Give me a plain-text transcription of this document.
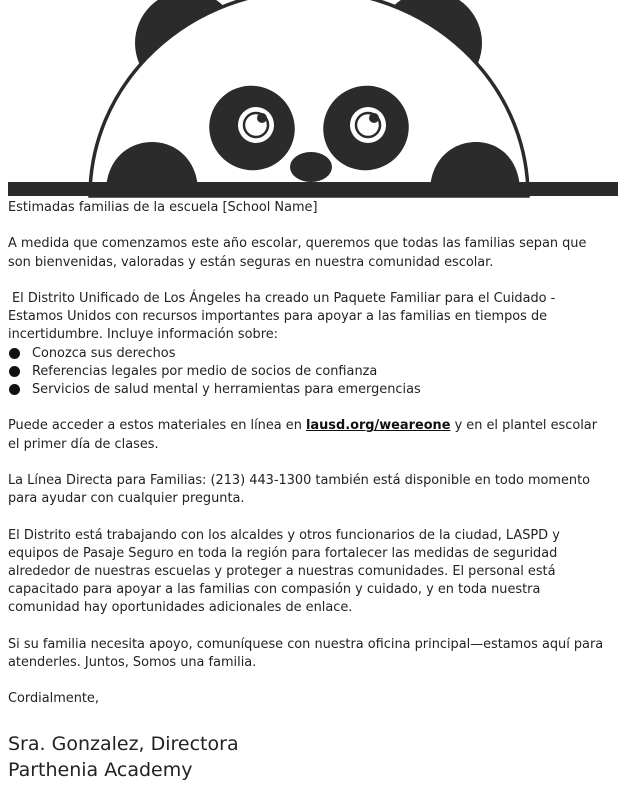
Estimadas familias de la escuela [School Name]

A medida que comenzamos este año escolar, queremos que todas las familias sepan que son bienvenidas, valoradas y están seguras en nuestra comunidad escolar.

El Distrito Unificado de Los Ángeles ha creado un Paquete Familiar para el Cuidado - Estamos Unidos con recursos importantes para apoyar a las familias en tiempos de incertidumbre. Incluye información sobre:

Conozca sus derechos
Referencias legales por medio de socios de confianza
Servicios de salud mental y herramientas para emergencias

Puede acceder a estos materiales en línea en lausd.org/weareone y en el plantel escolar el primer día de clases.

La Línea Directa para Familias: (213) 443-1300 también está disponible en todo momento para ayudar con cualquier pregunta.

El Distrito está trabajando con los alcaldes y otros funcionarios de la ciudad, LASPD y equipos de Pasaje Seguro en toda la región para fortalecer las medidas de seguridad alrededor de nuestras escuelas y proteger a nuestras comunidades. El personal está capacitado para apoyar a las familias con compasión y cuidado, y en toda nuestra comunidad hay oportunidades adicionales de enlace.

Si su familia necesita apoyo, comuníquese con nuestra oficina principal—estamos aquí para atenderles. Juntos, Somos una familia.

Cordialmente,

Sra. Gonzalez, Directora
Parthenia Academy
